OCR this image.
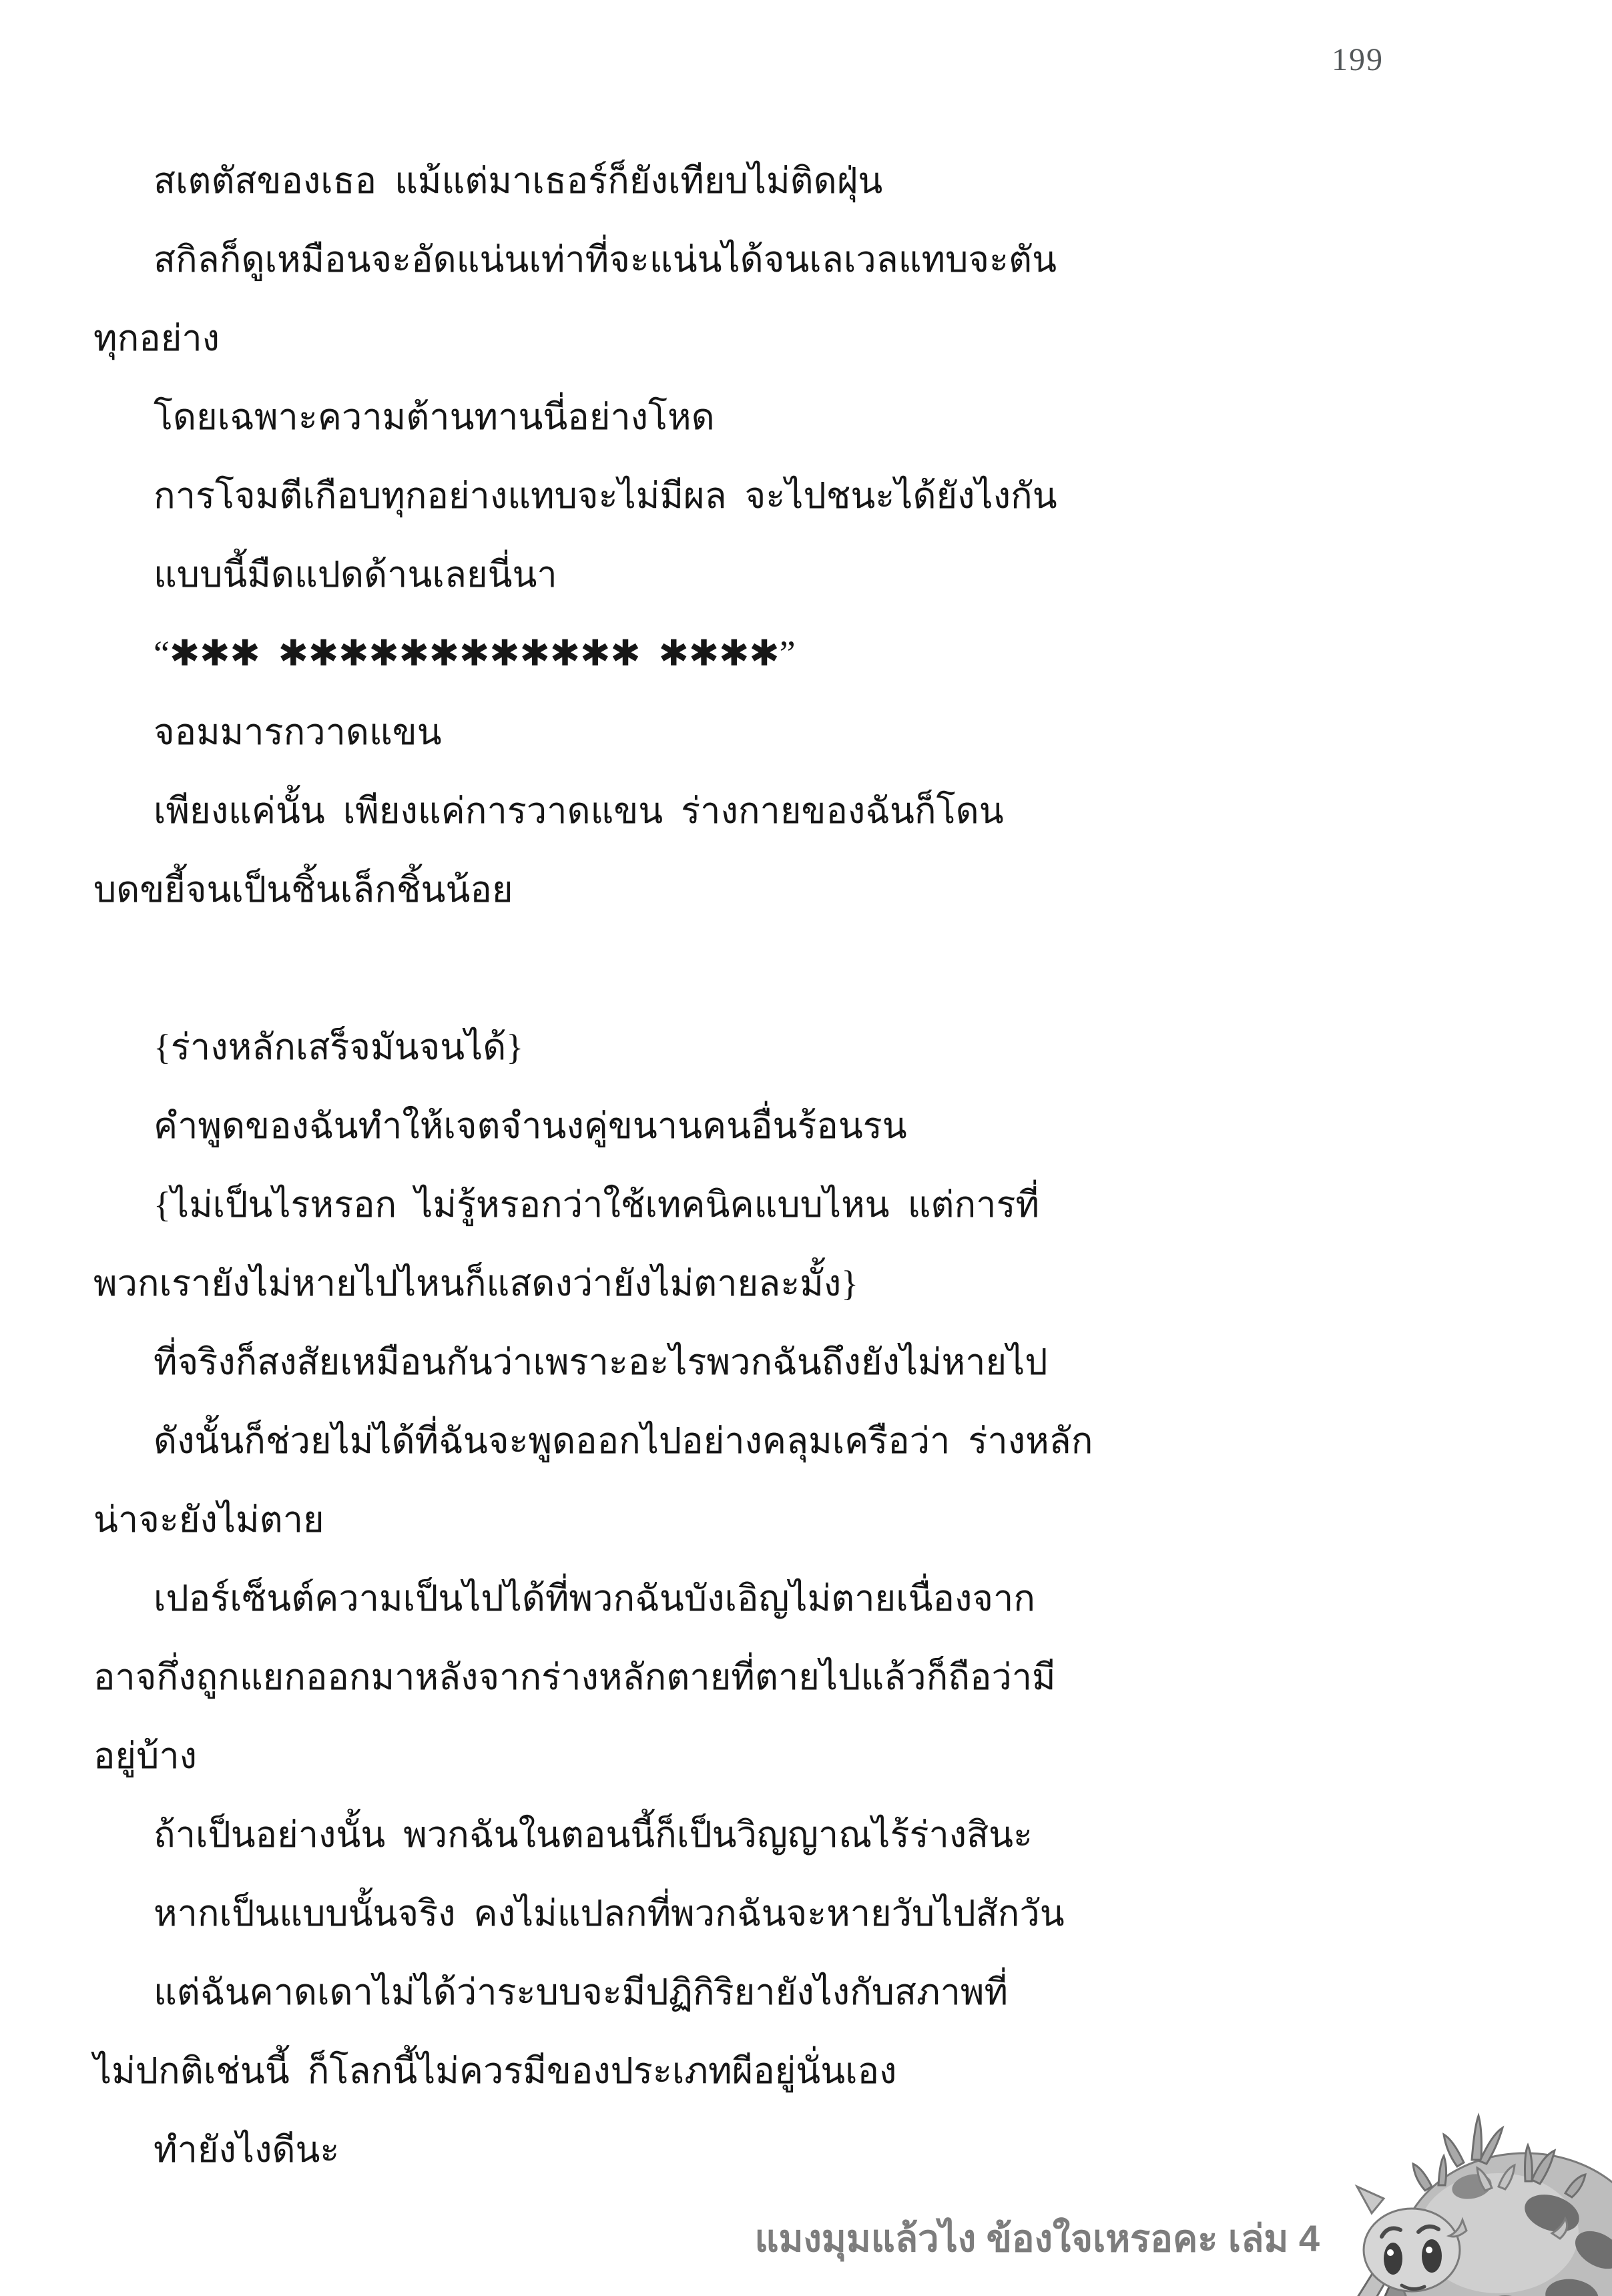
199
สเตตัสของเธอ  แม้แต่มาเธอร์ก็ยังเทียบไม่ติดฝุ่น
สกิลก็ดูเหมือนจะอัดแน่นเท่าที่จะแน่นได้จนเลเวลแทบจะตัน
ทุกอย่าง
โดยเฉพาะความต้านทานนี่อย่างโหด
การโจมตีเกือบทุกอย่างแทบจะไม่มีผล  จะไปชนะได้ยังไงกัน
แบบนี้มืดแปดด้านเลยนี่นา
“✱✱✱  ✱✱✱✱✱✱✱✱✱✱✱✱  ✱✱✱✱”
จอมมารกวาดแขน
เพียงแค่นั้น  เพียงแค่การวาดแขน  ร่างกายของฉันก็โดน
บดขยี้จนเป็นชิ้นเล็กชิ้นน้อย
{ร่างหลักเสร็จมันจนได้}
คำพูดของฉันทำให้เจตจำนงคู่ขนานคนอื่นร้อนรน
{ไม่เป็นไรหรอก  ไม่รู้หรอกว่าใช้เทคนิคแบบไหน  แต่การที่
พวกเรายังไม่หายไปไหนก็แสดงว่ายังไม่ตายละมั้ง}
ที่จริงก็สงสัยเหมือนกันว่าเพราะอะไรพวกฉันถึงยังไม่หายไป
ดังนั้นก็ช่วยไม่ได้ที่ฉันจะพูดออกไปอย่างคลุมเครือว่า  ร่างหลัก
น่าจะยังไม่ตาย
เปอร์เซ็นต์ความเป็นไปได้ที่พวกฉันบังเอิญไม่ตายเนื่องจาก
อาจกึ่งถูกแยกออกมาหลังจากร่างหลักตายที่ตายไปแล้วก็ถือว่ามี
อยู่บ้าง
ถ้าเป็นอย่างนั้น  พวกฉันในตอนนี้ก็เป็นวิญญาณไร้ร่างสินะ
หากเป็นแบบนั้นจริง  คงไม่แปลกที่พวกฉันจะหายวับไปสักวัน
แต่ฉันคาดเดาไม่ได้ว่าระบบจะมีปฏิกิริยายังไงกับสภาพที่
ไม่ปกติเช่นนี้  ก็โลกนี้ไม่ควรมีของประเภทผีอยู่นั่นเอง
ทำยังไงดีนะ
แมงมุมแล้วไง ข้องใจเหรอคะ เล่ม 4
